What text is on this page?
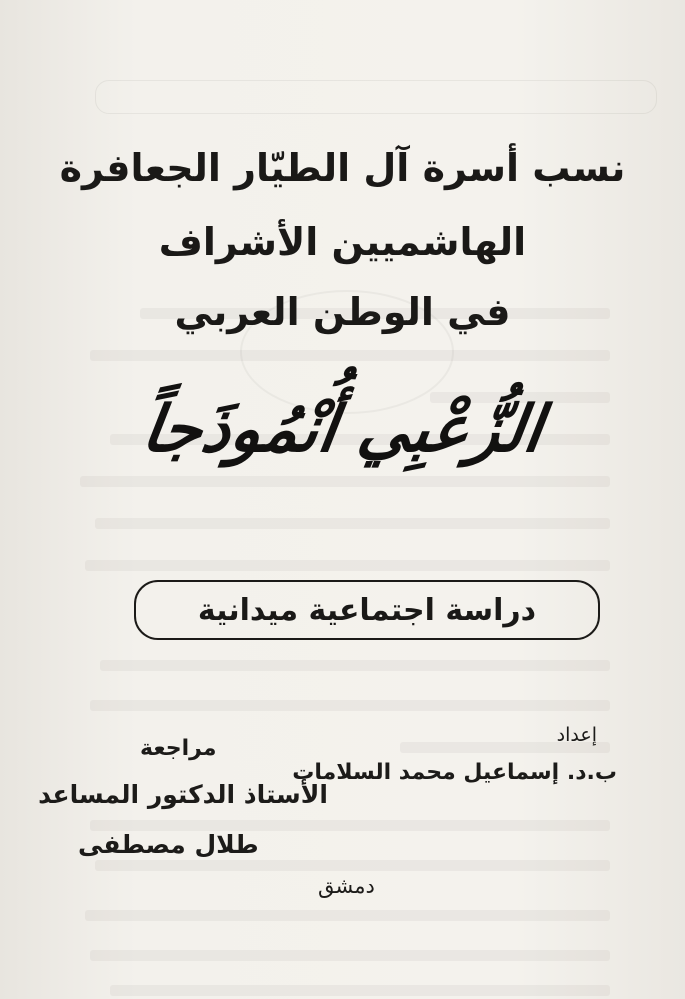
نسب أسرة آل الطيّار الجعافرة
الهاشميين الأشراف
في الوطن العربي
الزُّعْبِي أُنْمُوذَجاً
دراسة اجتماعية ميدانية
إعداد
ب.د. إسماعيل محمد السلامات
مراجعة
الأستاذ الدكتور المساعد
طلال مصطفى
دمشق
